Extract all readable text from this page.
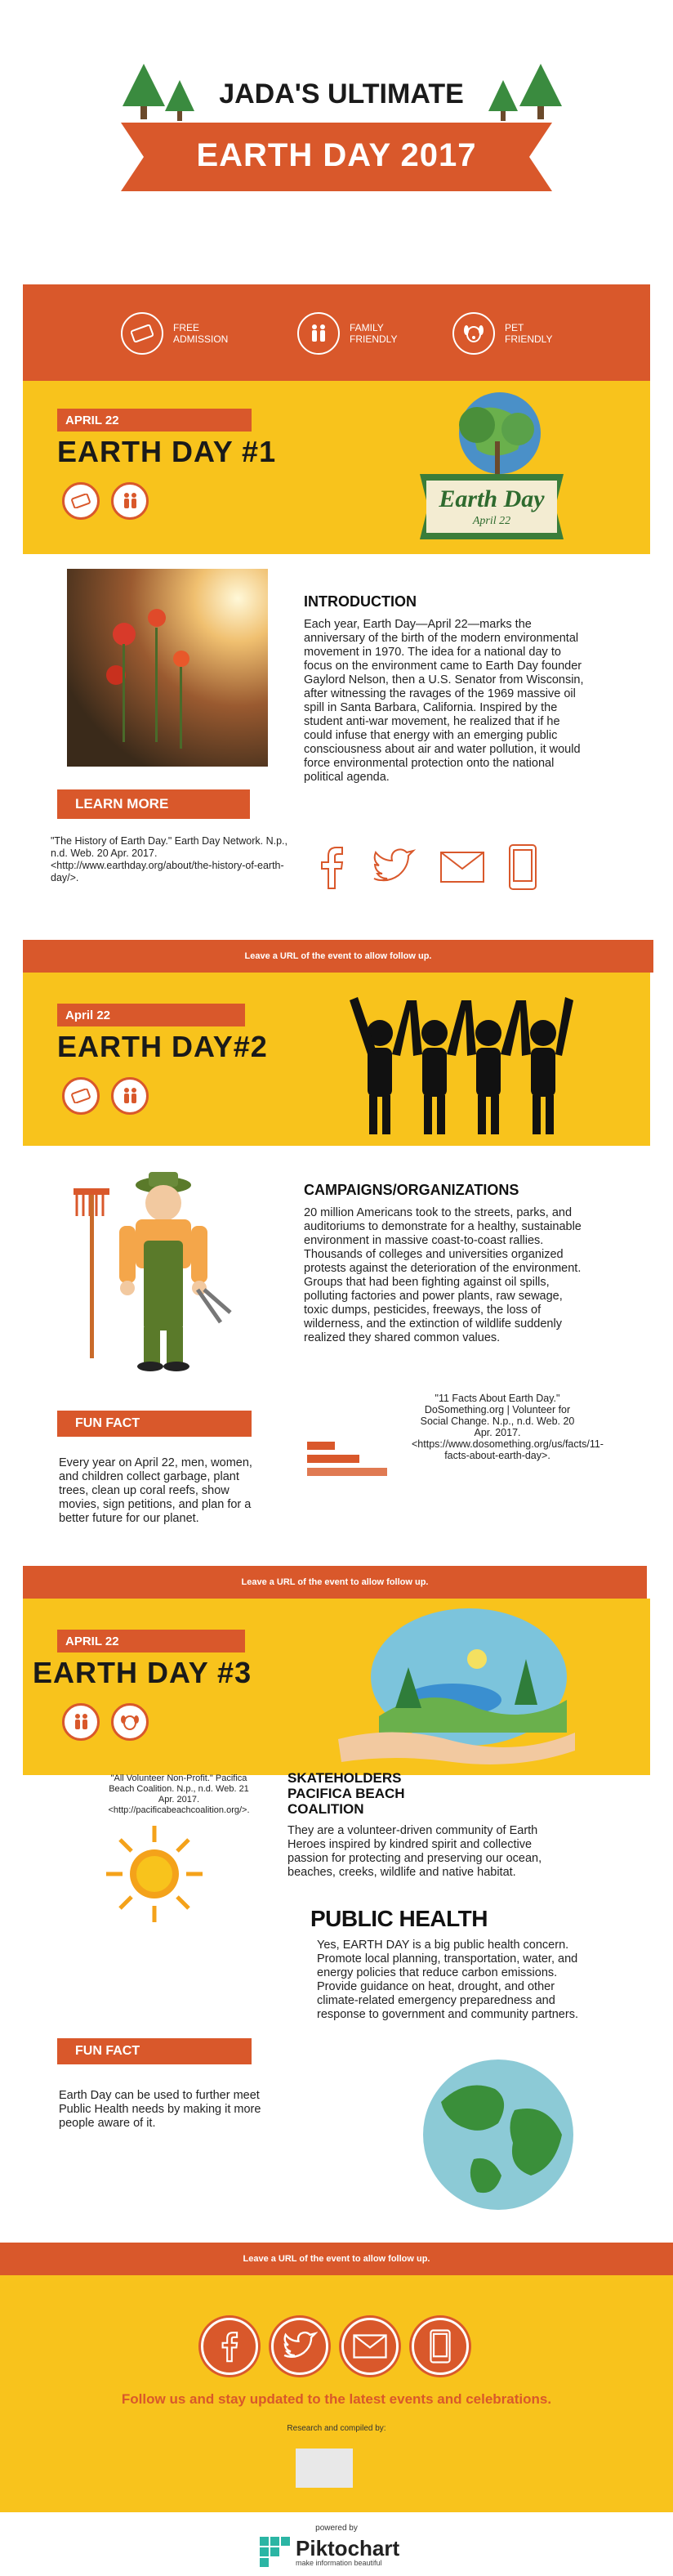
JADA'S ULTIMATE
EARTH DAY 2017
FREE
ADMISSION
FAMILY
FRIENDLY
PET
FRIENDLY
APRIL 22
EARTH DAY #1
Earth Day
April 22
INTRODUCTION
Each year, Earth Day—April 22—marks the anniversary of the birth of the modern environmental movement in 1970. The idea for a national day to focus on the environment came to Earth Day founder Gaylord Nelson, then a U.S. Senator from Wisconsin, after witnessing the ravages of the 1969 massive oil spill in Santa Barbara, California. Inspired by the student anti-war movement, he realized that if he could infuse that energy with an emerging public consciousness about air and water pollution, it would force environmental protection onto the national political agenda.
LEARN MORE
"The History of Earth Day." Earth Day Network. N.p., n.d. Web. 20 Apr. 2017. <http://www.earthday.org/about/the-history-of-earth-day/>.
Leave a URL of the event to allow follow up.
April 22
EARTH DAY#2
CAMPAIGNS/ORGANIZATIONS
20 million Americans took to the streets, parks, and auditoriums to demonstrate for a healthy, sustainable environment in massive coast-to-coast rallies. Thousands of colleges and universities organized protests against the deterioration of the environment. Groups that had been fighting against oil spills, polluting factories and power plants, raw sewage, toxic dumps, pesticides, freeways, the loss of wilderness, and the extinction of wildlife suddenly realized they shared common values.
FUN FACT
Every year on April 22, men, women, and children collect garbage, plant trees, clean up coral reefs, show movies, sign petitions, and plan for a better future for our planet.
"11 Facts About Earth Day." DoSomething.org | Volunteer for Social Change. N.p., n.d. Web. 20 Apr. 2017. <https://www.dosomething.org/us/facts/11-facts-about-earth-day>.
Leave a URL of the event to allow follow up.
APRIL 22
EARTH DAY #3
"All Volunteer Non-Profit." Pacifica Beach Coalition. N.p., n.d. Web. 21 Apr. 2017. <http://pacificabeachcoalition.org/>.
SKATEHOLDERS
PACIFICA BEACH
COALITION
They are a volunteer-driven community of Earth Heroes inspired by kindred spirit and collective passion for protecting and preserving our ocean, beaches, creeks, wildlife and native habitat.
PUBLIC HEALTH
Yes, EARTH DAY is a big public health concern. Promote local planning, transportation, water, and energy policies that reduce carbon emissions. Provide guidance on heat, drought, and other climate-related emergency preparedness and response to government and community partners.
FUN FACT
Earth Day can be used to further meet Public Health needs by making it more people aware of it.
Leave a URL of the event to allow follow up.
Follow us and stay updated to the latest events and celebrations.
Research and compiled by:
powered by
Piktochart
make information beautiful
